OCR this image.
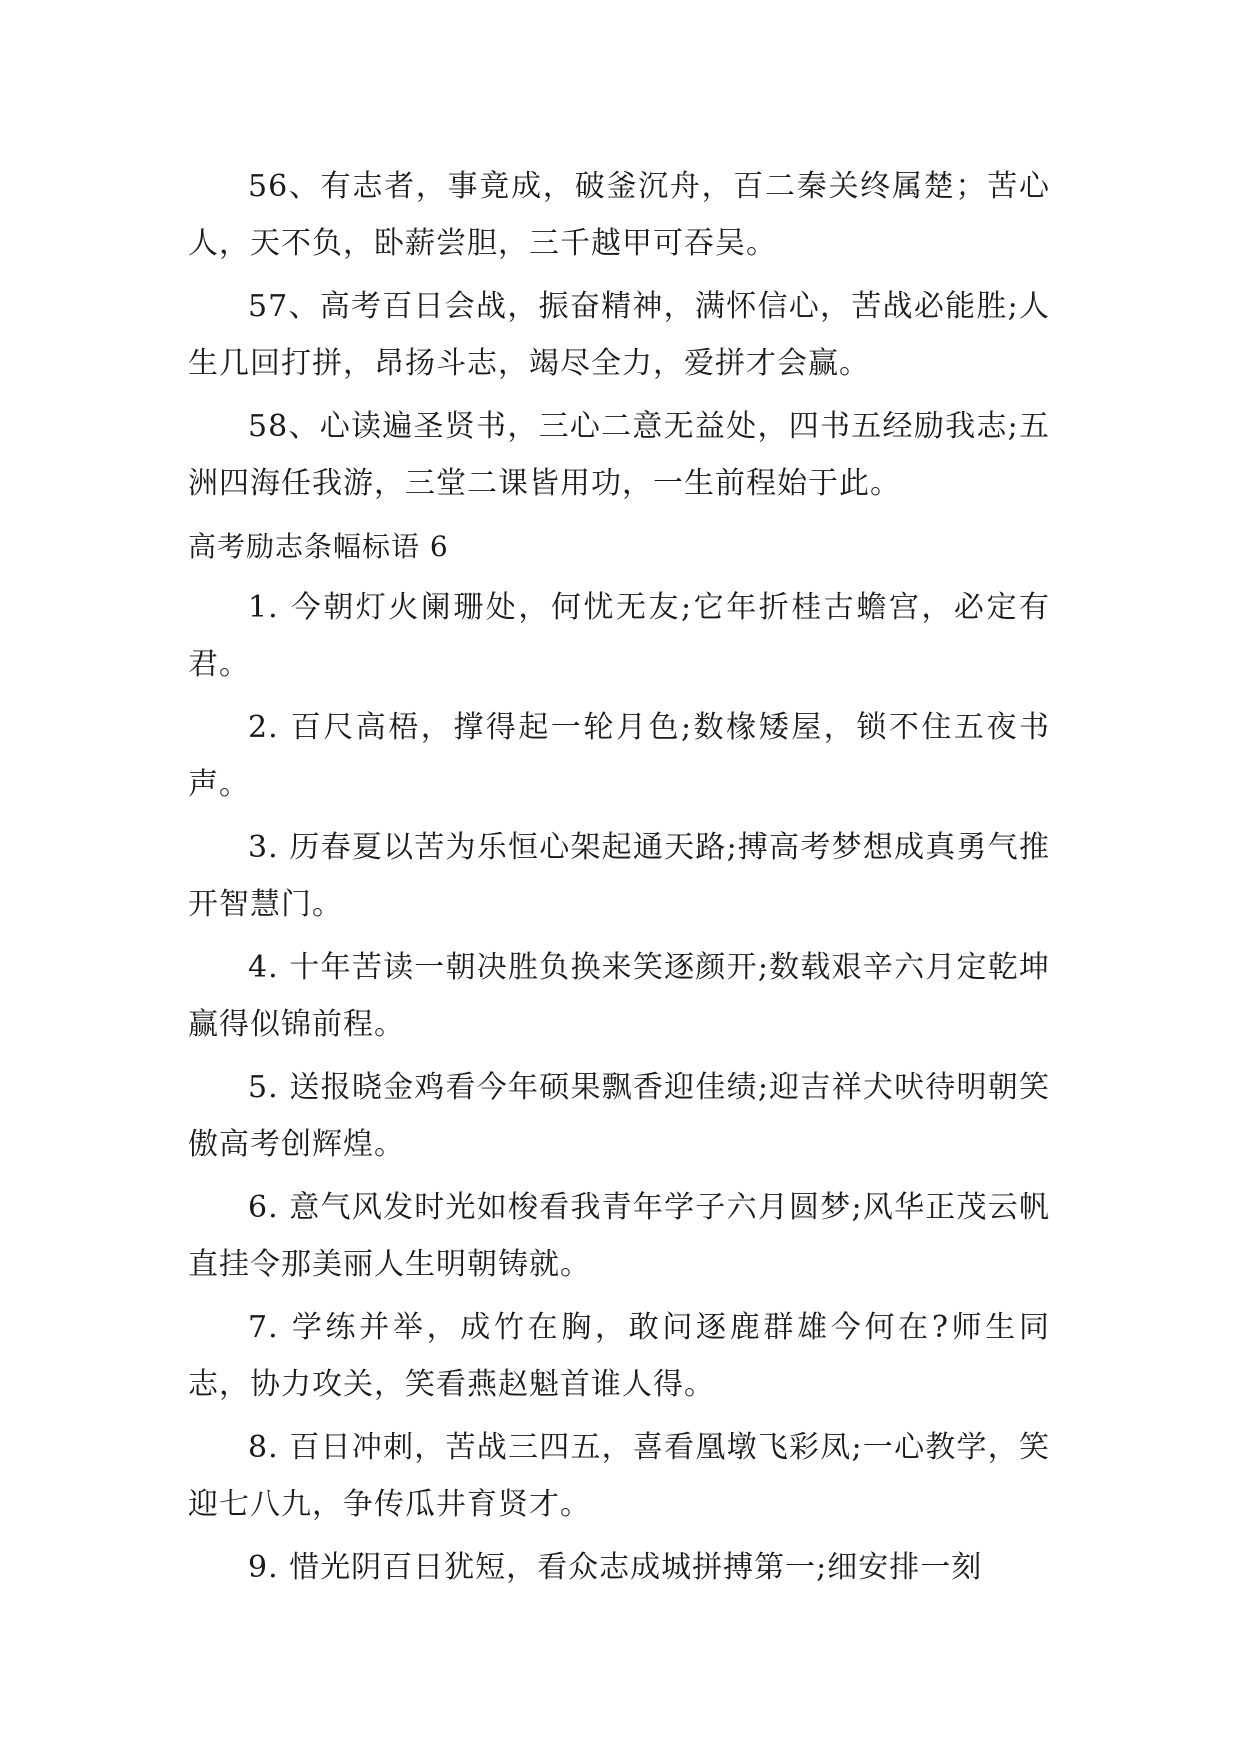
56、有志者，事竟成，破釜沉舟，百二秦关终属楚；苦心人，天不负，卧薪尝胆，三千越甲可吞吴。

57、高考百日会战，振奋精神，满怀信心，苦战必能胜;人生几回打拼，昂扬斗志，竭尽全力，爱拼才会赢。

58、心读遍圣贤书，三心二意无益处，四书五经励我志;五洲四海任我游，三堂二课皆用功，一生前程始于此。

高考励志条幅标语 6

1. 今朝灯火阑珊处，何忧无友;它年折桂古蟾宫，必定有君。

2. 百尺高梧，撑得起一轮月色;数椽矮屋，锁不住五夜书声。

3. 历春夏以苦为乐恒心架起通天路;搏高考梦想成真勇气推开智慧门。

4. 十年苦读一朝决胜负换来笑逐颜开;数载艰辛六月定乾坤赢得似锦前程。

5. 送报晓金鸡看今年硕果飘香迎佳绩;迎吉祥犬吠待明朝笑傲高考创辉煌。

6. 意气风发时光如梭看我青年学子六月圆梦;风华正茂云帆直挂令那美丽人生明朝铸就。

7. 学练并举，成竹在胸，敢问逐鹿群雄今何在?师生同志，协力攻关，笑看燕赵魁首谁人得。

8. 百日冲刺，苦战三四五，喜看凰墩飞彩凤;一心教学，笑迎七八九，争传瓜井育贤才。

9. 惜光阴百日犹短，看众志成城拼搏第一;细安排一刻
